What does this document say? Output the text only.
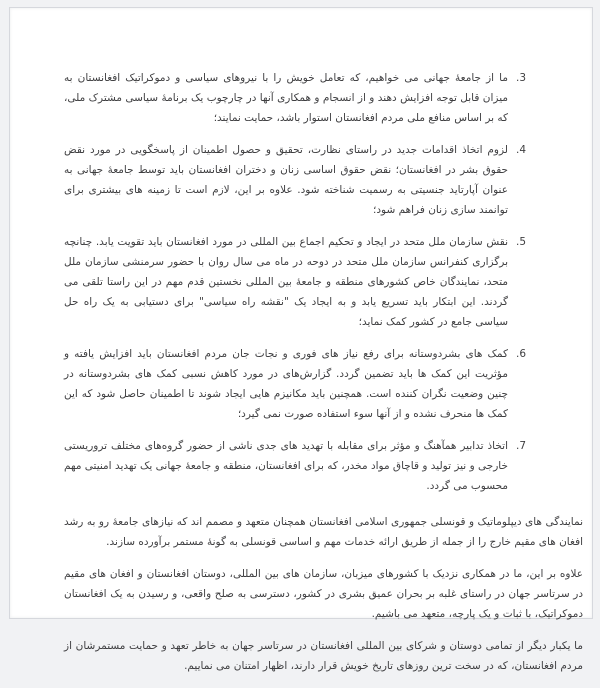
3.
ما از جامعهٔ جهانی می خواهیم، که تعامل خویش را با نیروهای سیاسی و دموکراتیک افغانستان به میزان قابل توجه افزایش دهند و از انسجام و همکاری آنها در چارچوب یک برنامهٔ سیاسی مشترک ملی، که بر اساس منافع ملی مردم افغانستان استوار باشد، حمایت نمایند؛
4.
لزوم اتخاذ اقدامات جدید در راستای نظارت، تحقیق و حصول اطمینان از پاسخگویی در مورد نقض حقوق بشر در افغانستان؛ نقض حقوق اساسی زنان و دختران افغانستان باید توسط جامعهٔ جهانی به عنوان آپارتاید جنسیتی به رسمیت شناخته شود. علاوه بر این، لازم است تا زمینه های بیشتری برای توانمند سازی زنان فراهم شود؛
5.
نقش سازمان ملل متحد در ایجاد و تحکیم اجماع بین المللی در مورد افغانستان باید تقویت یابد. چنانچه برگزاری کنفرانس سازمان ملل متحد در دوحه در ماه می سال روان با حضور سرمنشی سازمان ملل متحد، نمایندگان خاص کشورهای منطقه و جامعهٔ بین المللی نخستین قدم مهم در این راستا تلقی می گردند. این ابتکار باید تسریع یابد و به ایجاد یک "نقشه راه سیاسی" برای دستیابی به یک راه حل سیاسی جامع در کشور کمک نماید؛
6.
کمک های بشردوستانه برای رفع نیاز های فوری و نجات جان مردم افغانستان باید افزایش یافته و مؤثریت این کمک ها باید تضمین گردد. گزارش‌های در مورد کاهش نسبی کمک های بشردوستانه در چنین وضعیت نگران کننده است. همچنین باید مکانیزم هایی ایجاد شوند تا اطمینان حاصل شود که این کمک ها منحرف نشده و از آنها سوء استفاده صورت نمی گیرد؛
7.
اتخاذ تدابیر همآهنگ و مؤثر برای مقابله با تهدید های جدی ناشی از حضور گروه‌های مختلف تروریستی خارجی و نیز تولید و قاچاق مواد مخدر، که برای افغانستان، منطقه و جامعهٔ جهانی یک تهدید امنیتی مهم محسوب می گردد.

نمایندگی های دیپلوماتیک و قونسلی جمهوری اسلامی افغانستان همچنان متعهد و مصمم اند که نیازهای جامعهٔ رو به رشد افغان های مقیم خارج را از جمله از طریق ارائه خدمات مهم و اساسی قونسلی به گونهٔ مستمر برآورده سازند.

علاوه بر این، ما در همکاری نزدیک با کشورهای میزبان، سازمان های بین المللی، دوستان افغانستان و افغان های مقیم در سرتاسر جهان در راستای غلبه بر بحران عمیق بشری در کشور، دسترسی به صلح واقعی، و رسیدن به یک افغانستان دموکراتیک، با ثبات و یک پارچه، متعهد می باشیم.

ما یکبار دیگر از تمامی دوستان و شرکای بین المللی افغانستان در سرتاسر جهان به خاطر تعهد و حمایت مستمرشان از مردم افغانستان، که در سخت ترین روزهای تاریخ خویش قرار دارند، اظهار امتنان می نماییم.
